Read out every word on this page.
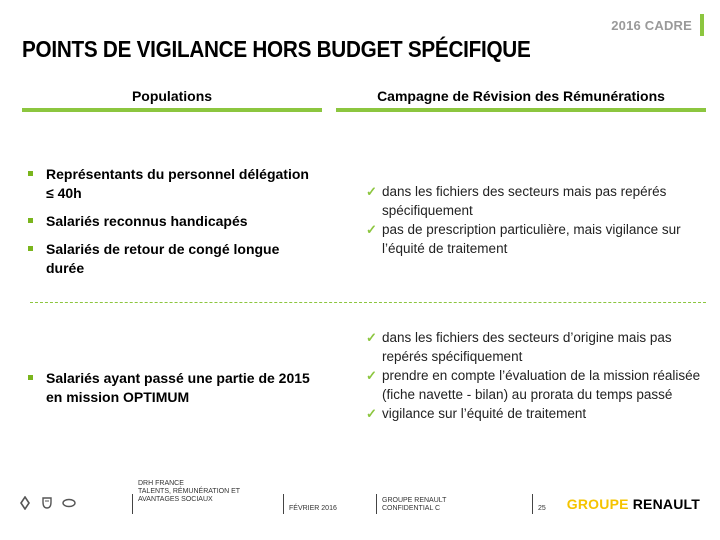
2016 CADRE
POINTS DE VIGILANCE HORS BUDGET SPÉCIFIQUE
Populations	Campagne de Révision des Rémunérations
Représentants du personnel délégation ≤ 40h
Salariés reconnus handicapés
Salariés de retour de congé longue durée
✓ dans les fichiers des secteurs mais pas repérés spécifiquement
✓ pas de prescription particulière, mais vigilance sur l’équité de traitement
Salariés ayant passé une partie de 2015 en mission OPTIMUM
✓ dans les fichiers des secteurs d’origine mais pas repérés spécifiquement
✓ prendre en compte l’évaluation de la mission réalisée (fiche navette - bilan) au prorata du temps passé
✓ vigilance sur l’équité de traitement
DRH FRANCE
TALENTS, RÉMUNÉRATION ET
AVANTAGES SOCIAUX
FÉVRIER 2016
GROUPE RENAULT
CONFIDENTIAL C	25 GROUPE RENAULT
